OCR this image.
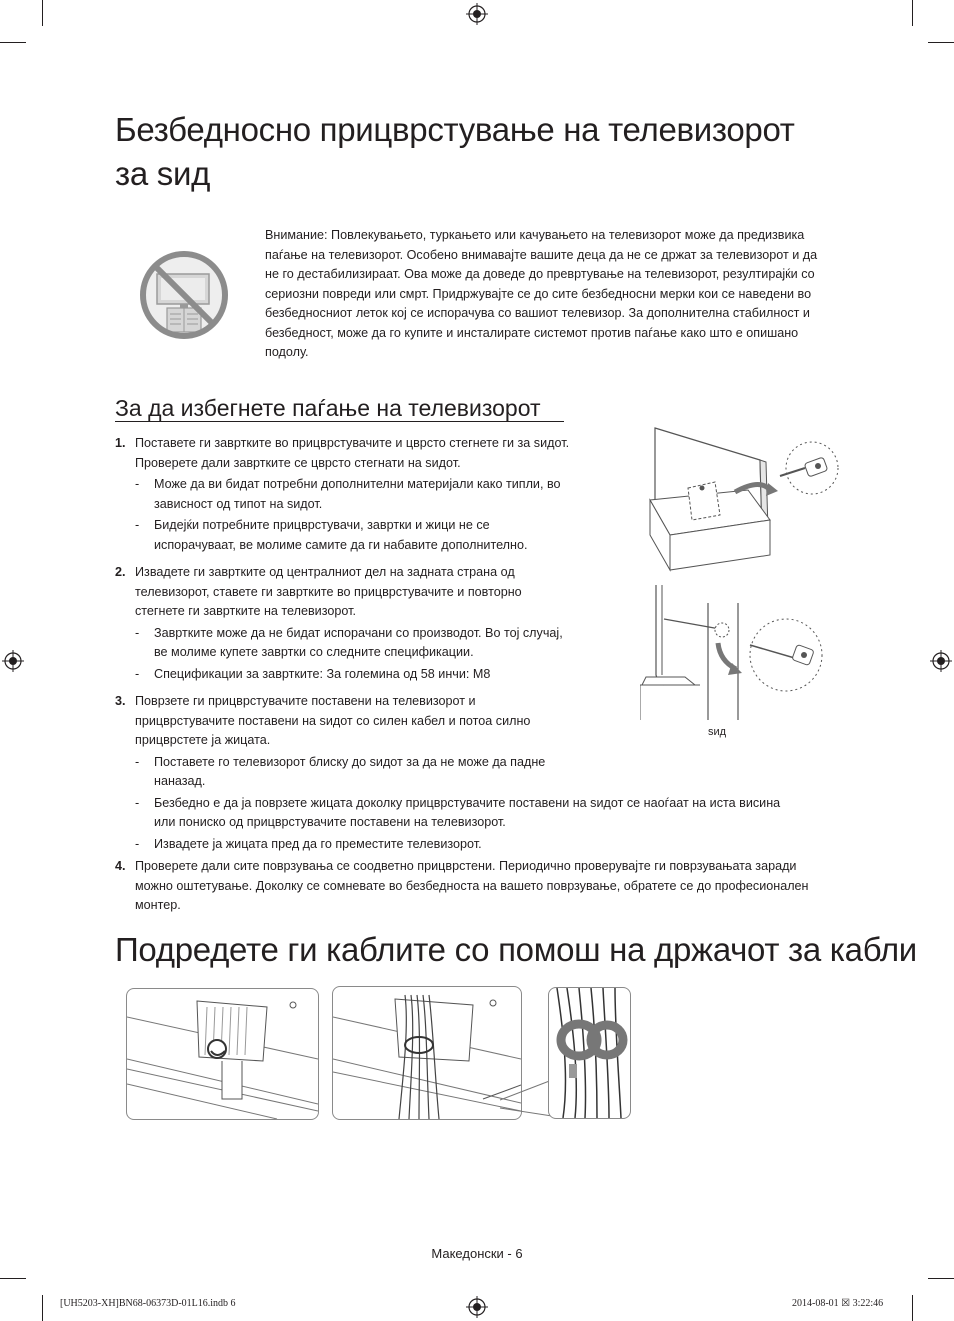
Безбедносно прицврстување на телевизорот
за ѕид
Внимание: Повлекувањето, туркањето или качувањето на телевизорот може да предизвика паѓање на телевизорот. Особено внимавајте вашите деца да не се држат за телевизорот и да не го дестабилизираат. Ова може да доведе до превртување на телевизорот, резултирајќи со сериозни повреди или смрт. Придржувајте се до сите безбедносни мерки кои се наведени во безбедносниот леток кој се испорачува со вашиот телевизор. За дополнителна стабилност и безбедност, може да го купите и инсталирате системот против паѓање како што е опишано подолу.
За да избегнете паѓање на телевизорот
1. Поставете ги завртките во прицврстувачите и цврсто стегнете ги за ѕидот.
Проверете дали завртките се цврсто стегнати на ѕидот.
- Може да ви бидат потребни дополнителни материјали како типли, во
зависност од типот на ѕидот.
- Бидејќи потребните прицврстувачи, завртки и жици не се
испорачуваат, ве молиме самите да ги набавите дополнително.
2. Извадете ги завртките од централниот дел на задната страна од
телевизорот, ставете ги завртките во прицврстувачите и повторно
стегнете ги завртките на телевизорот.
- Завртките може да не бидат испорачани со производот. Во тој случај,
ве молиме купете завртки со следните спецификации.
- Спецификации за завртките: За големина од 58 инчи: M8
3. Поврзете ги прицврстувачите поставени на телевизорот и
прицврстувачите поставени на ѕидот со силен кабел и потоа силно
прицврстете ја жицата.
- Поставете го телевизорот блиску до ѕидот за да не може да падне
наназад.
- Безбедно е да ја поврзете жицата доколку прицврстувачите поставени на ѕидот се наоѓаат на иста висина
или пониско од прицврстувачите поставени на телевизорот.
- Извадете ја жицата пред да го преместите телевизорот.
4. Проверете дали сите поврзувања се соодветно прицврстени. Периодично проверувајте ги поврзувањата заради
можно оштетување. Доколку се сомневате во безбедноста на вашето поврзување, обратете се до професионален
монтер.
ѕид
Подредете ги каблите со помош на држачот за кабли
Македонски - 6
[UH5203-XH]BN68-06373D-01L16.indb 6	2014-08-01 ☒ 3:22:46
